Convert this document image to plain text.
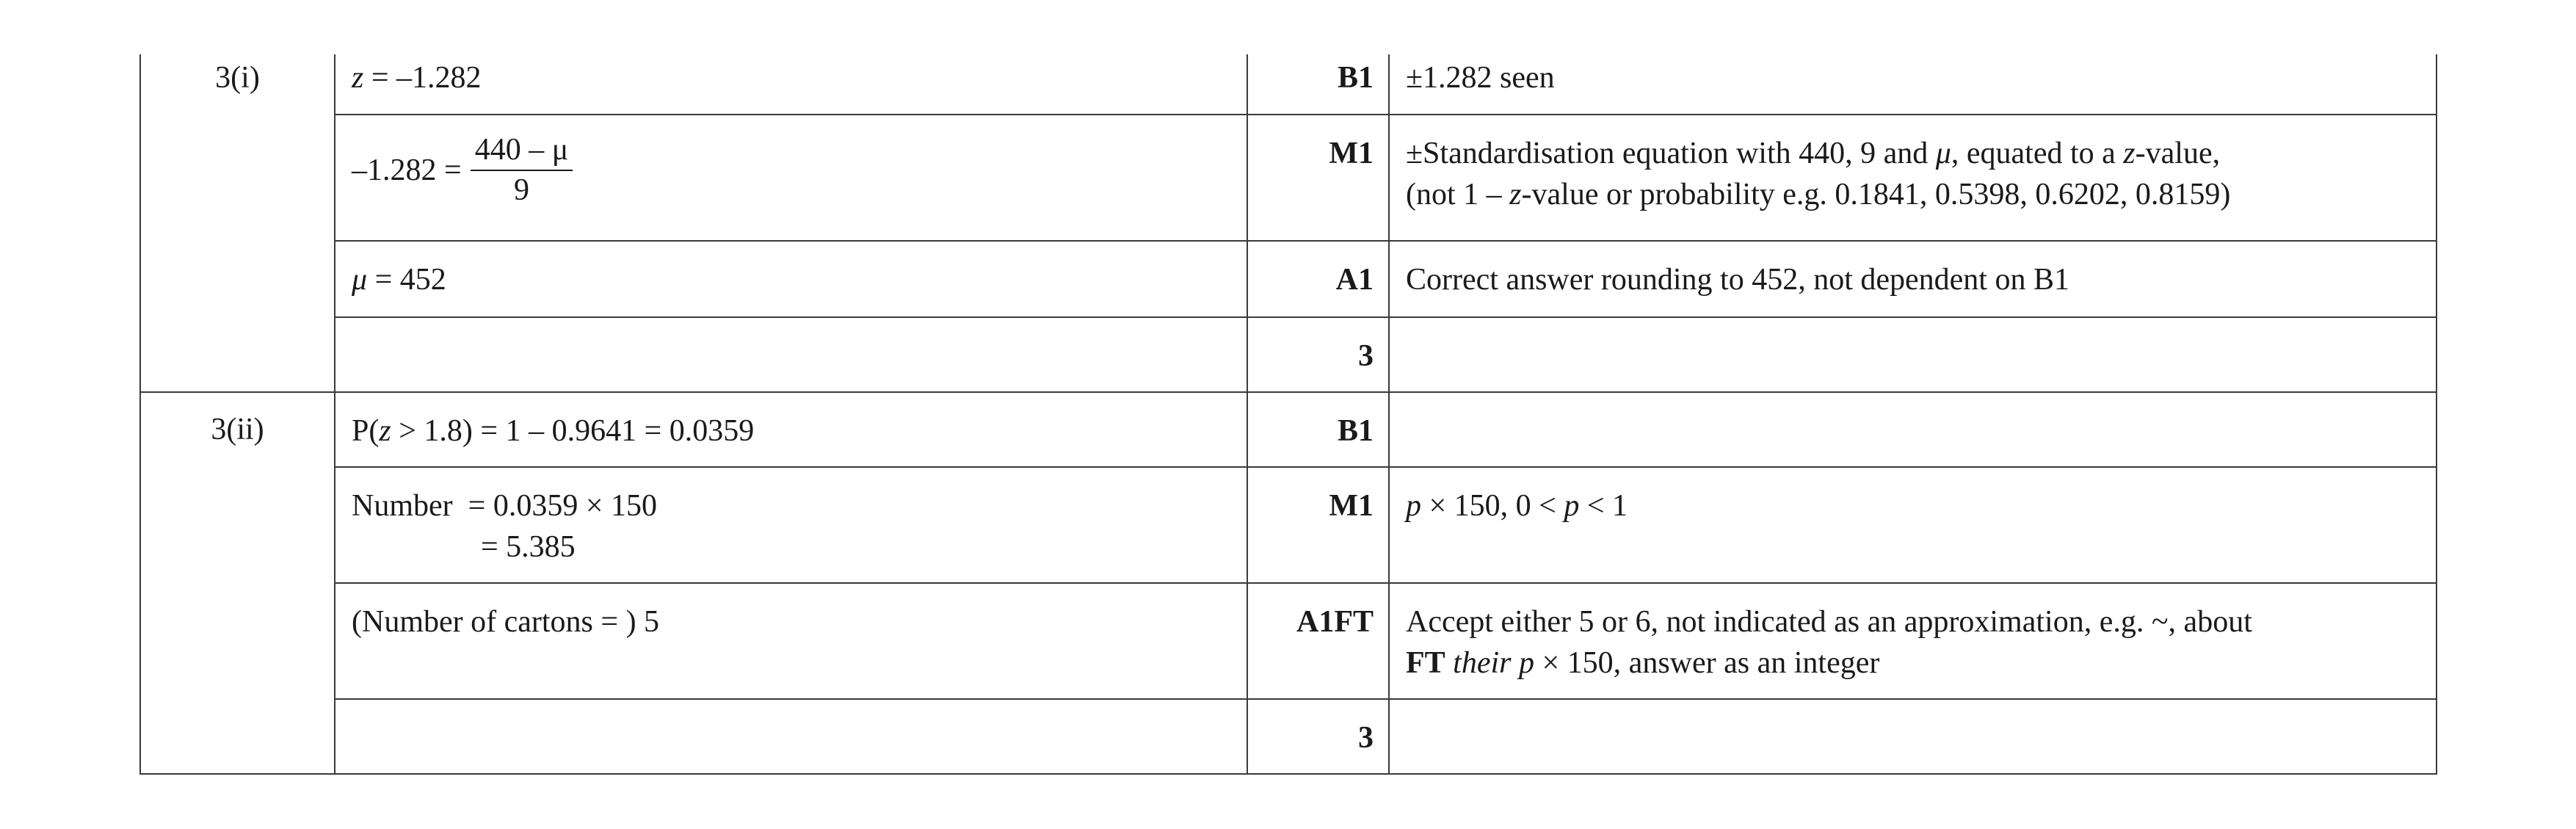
3(i)	z = –1.282	B1	±1.282 seen

	$-1.282 = \frac{440 - \mu}{9}$	M1	±Standardisation equation with 440, 9 and μ, equated to a z-value,
(not 1 – z-value or probability e.g. 0.1841, 0.5398, 0.6202, 0.8159)

	μ = 452	A1	Correct answer rounding to 452, not dependent on B1
		3	
3(ii)	P(z > 1.8) = 1 – 0.9641 = 0.0359	B1	

	Number  = 0.0359 × 150
= 5.385	M1	p × 150, 0 < p < 1
	(Number of cartons = ) 5	A1FT	Accept either 5 or 6, not indicated as an approximation, e.g. ~, about
FT their p × 150, answer as an integer

		3	
